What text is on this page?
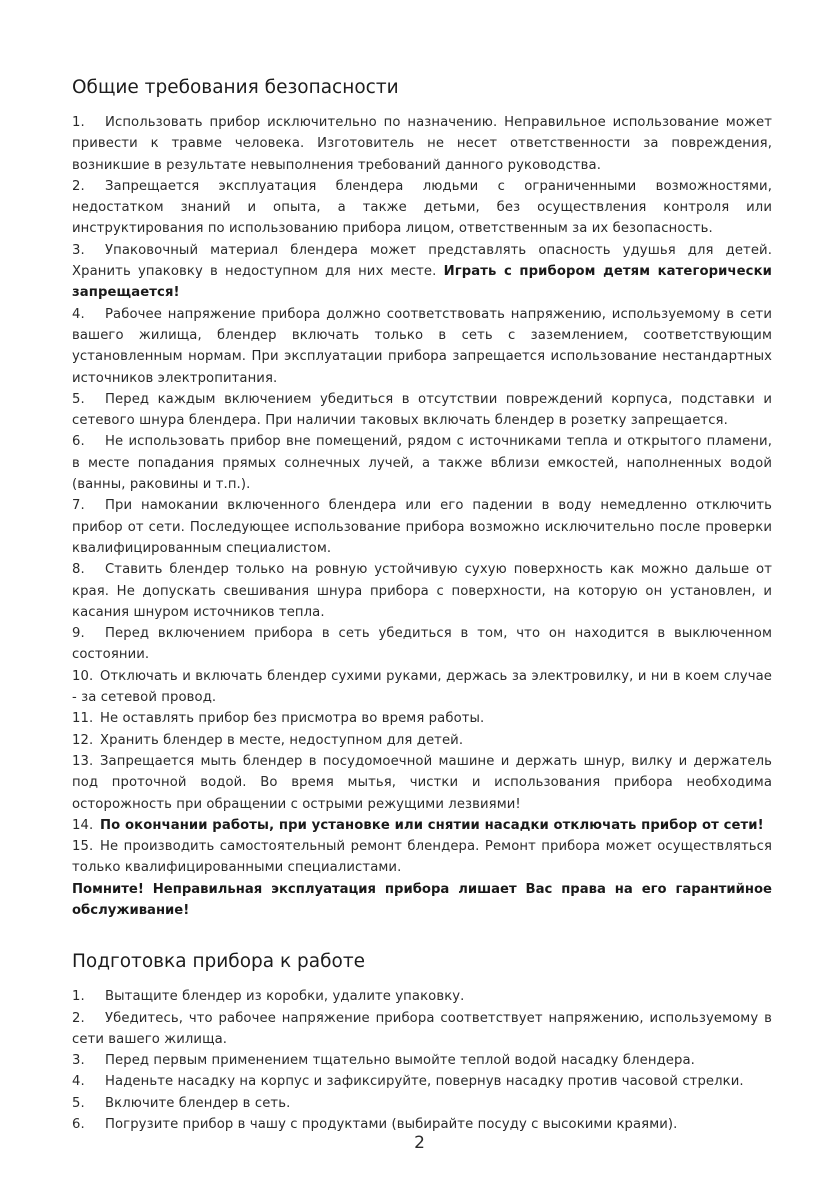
Общие требования безопасности

1. Использовать прибор исключительно по назначению. Неправильное использование может привести к травме человека. Изготовитель не несет ответственности за повреждения, возникшие в результате невыполнения требований данного руководства.

2. Запрещается эксплуатация блендера людьми с ограниченными возможностями, недостатком знаний и опыта, а также детьми, без осуществления контроля или инструктирования по использованию прибора лицом, ответственным за их безопасность.

3. Упаковочный материал блендера может представлять опасность удушья для детей. Хранить упаковку в недоступном для них месте. Играть с прибором детям категорически запрещается!

4. Рабочее напряжение прибора должно соответствовать напряжению, используемому в сети вашего жилища, блендер включать только в сеть с заземлением, соответствующим установленным нормам. При эксплуатации прибора запрещается использование нестандартных источников электропитания.

5. Перед каждым включением убедиться в отсутствии повреждений корпуса, подставки и сетевого шнура блендера. При наличии таковых включать блендер в розетку запрещается.

6. Не использовать прибор вне помещений, рядом с источниками тепла и открытого пламени, в месте попадания прямых солнечных лучей, а также вблизи емкостей, наполненных водой (ванны, раковины и т.п.).

7. При намокании включенного блендера или его падении в воду немедленно отключить прибор от сети. Последующее использование прибора возможно исключительно после проверки квалифицированным специалистом.

8. Ставить блендер только на ровную устойчивую сухую поверхность как можно дальше от края. Не допускать свешивания шнура прибора с поверхности, на которую он установлен, и касания шнуром источников тепла.

9. Перед включением прибора в сеть убедиться в том, что он находится в выключенном состоянии.

10. Отключать и включать блендер сухими руками, держась за электровилку, и ни в коем случае - за сетевой провод.

11. Не оставлять прибор без присмотра во время работы.

12. Хранить блендер в месте, недоступном для детей.

13. Запрещается мыть блендер в посудомоечной машине и держать шнур, вилку и держатель под проточной водой. Во время мытья, чистки и использования прибора необходима осторожность при обращении с острыми режущими лезвиями!

14. По окончании работы, при установке или снятии насадки отключать прибор от сети!

15. Не производить самостоятельный ремонт блендера. Ремонт прибора может осуществляться только квалифицированными специалистами.

Помните! Неправильная эксплуатация прибора лишает Вас права на его гарантийное обслуживание!

Подготовка прибора к работе

1. Вытащите блендер из коробки, удалите упаковку.

2. Убедитесь, что рабочее напряжение прибора соответствует напряжению, используемому в сети вашего жилища.

3. Перед первым применением тщательно вымойте теплой водой насадку блендера.

4. Наденьте насадку на корпус и зафиксируйте, повернув насадку против часовой стрелки.

5. Включите блендер в сеть.

6. Погрузите прибор в чашу с продуктами (выбирайте посуду с высокими краями).

2
